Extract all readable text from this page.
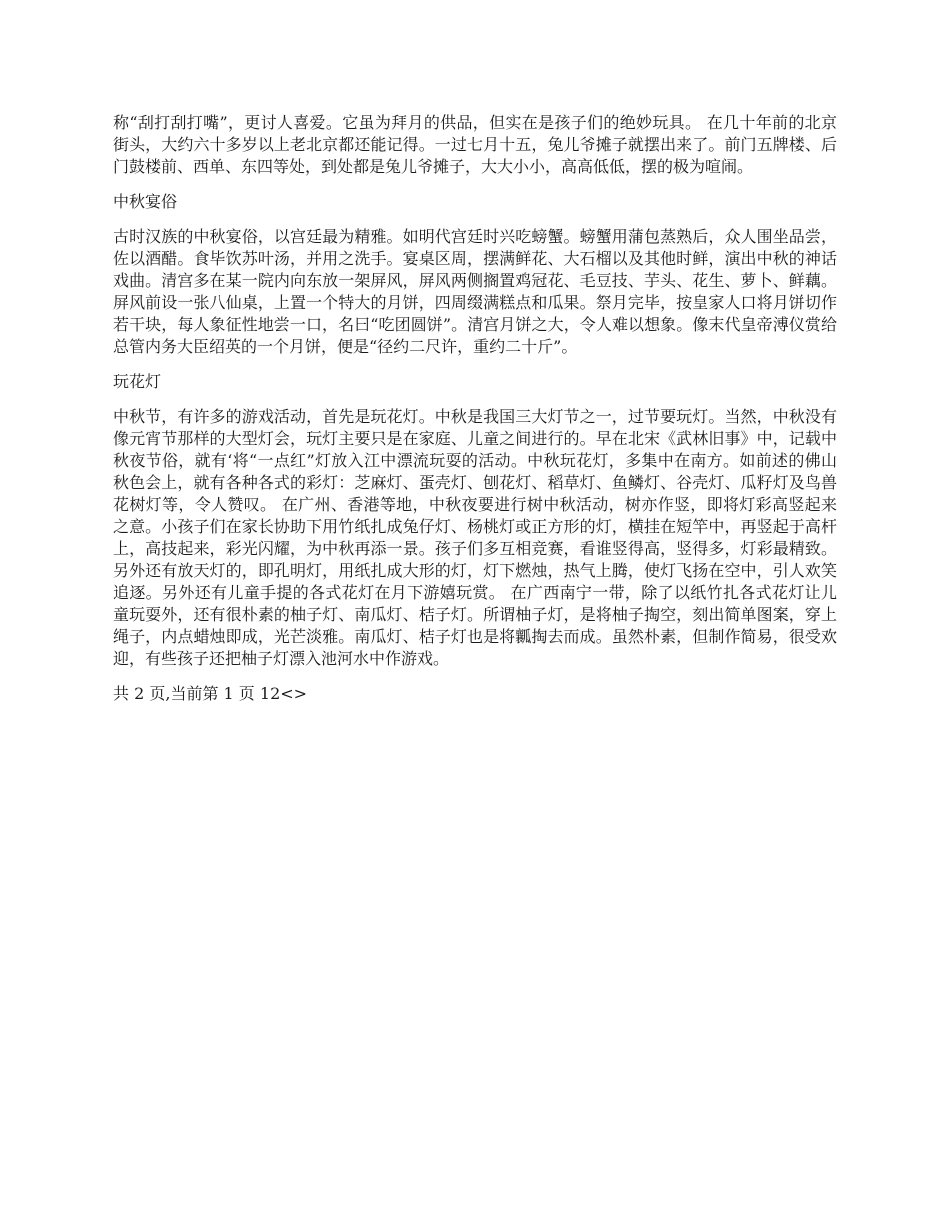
称“刮打刮打嘴”，更讨人喜爱。它虽为拜月的供品，但实在是孩子们的绝妙玩具。 在几十年前的北京街头，大约六十多岁以上老北京都还能记得。一过七月十五，兔儿爷摊子就摆出来了。前门五牌楼、后门鼓楼前、西单、东四等处，到处都是兔儿爷摊子，大大小小，高高低低，摆的极为喧闹。

中秋宴俗

古时汉族的中秋宴俗，以宫廷最为精雅。如明代宫廷时兴吃螃蟹。螃蟹用蒲包蒸熟后，众人围坐品尝，佐以酒醋。食毕饮苏叶汤，并用之洗手。宴桌区周，摆满鲜花、大石榴以及其他时鲜，演出中秋的神话戏曲。清宫多在某一院内向东放一架屏风，屏风两侧搁置鸡冠花、毛豆技、芋头、花生、萝卜、鲜藕。屏风前设一张八仙桌，上置一个特大的月饼，四周缀满糕点和瓜果。祭月完毕，按皇家人口将月饼切作若干块，每人象征性地尝一口，名曰“吃团圆饼”。清宫月饼之大，令人难以想象。像末代皇帝溥仪赏给总管内务大臣绍英的一个月饼，便是“径约二尺许，重约二十斤”。

玩花灯

中秋节，有许多的游戏活动，首先是玩花灯。中秋是我国三大灯节之一，过节要玩灯。当然，中秋没有像元宵节那样的大型灯会，玩灯主要只是在家庭、儿童之间进行的。早在北宋《武林旧事》中，记载中秋夜节俗，就有‘将“一点红”灯放入江中漂流玩耍的活动。中秋玩花灯，多集中在南方。如前述的佛山秋色会上，就有各种各式的彩灯：芝麻灯、蛋壳灯、刨花灯、稻草灯、鱼鳞灯、谷壳灯、瓜籽灯及鸟兽花树灯等，令人赞叹。 在广州、香港等地，中秋夜要进行树中秋活动，树亦作竖，即将灯彩高竖起来之意。小孩子们在家长协助下用竹纸扎成兔仔灯、杨桃灯或正方形的灯，横挂在短竿中，再竖起于高杆上，高技起来，彩光闪耀，为中秋再添一景。孩子们多互相竞赛，看谁竖得高，竖得多，灯彩最精致。另外还有放天灯的，即孔明灯，用纸扎成大形的灯，灯下燃烛，热气上腾，使灯飞扬在空中，引人欢笑追逐。另外还有儿童手提的各式花灯在月下游嬉玩赏。 在广西南宁一带，除了以纸竹扎各式花灯让儿童玩耍外，还有很朴素的柚子灯、南瓜灯、桔子灯。所谓柚子灯，是将柚子掏空，刻出简单图案，穿上绳子，内点蜡烛即成，光芒淡雅。南瓜灯、桔子灯也是将瓤掏去而成。虽然朴素，但制作简易，很受欢迎，有些孩子还把柚子灯漂入池河水中作游戏。

共 2 页,当前第 1 页 12<>
